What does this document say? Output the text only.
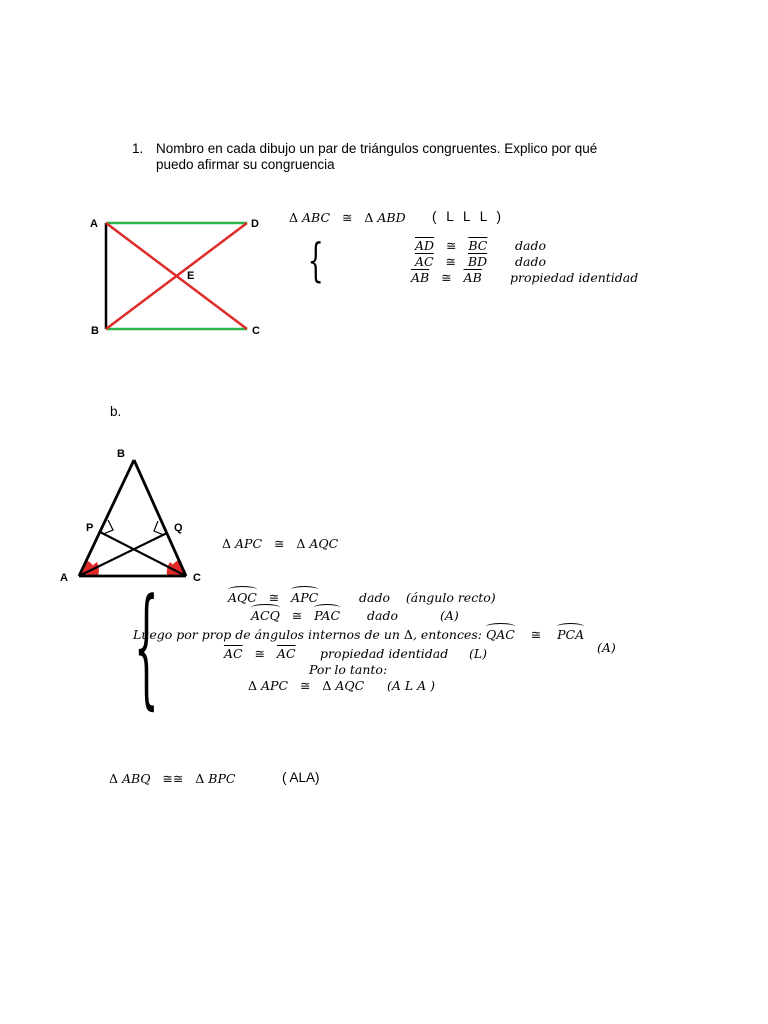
1. Nombro en cada dibujo un par de triángulos congruentes. Explico por qué
puedo afirmar su congruencia
A
B	C
D
E
Δ ABC ≅ Δ ABD ( L L L )
{	$\overline{AD}$ ≅ $\overline{BC}$ dado
$\overline{AC}$ ≅ $\overline{BD}$ dado
$\overline{AB}$ ≅ $\overline{AB}$ propiedad identidad
b.
B
P	Q
A	C
Δ APC ≅ Δ AQC
{	AQC ≅ APC	dado (ángulo recto)
ACQ ≅ PAC dado	(A)
Luego por prop de ángulos internos de un Δ, entonces: QAC ≅ PCA
(A)
$\overline{AC}$ ≅ $\overline{AC}$ propiedad identidad (L)
Por lo tanto:
Δ APC ≅ Δ AQC (A L A )
Δ ABQ ≅≅ Δ BPC	( ALA)
